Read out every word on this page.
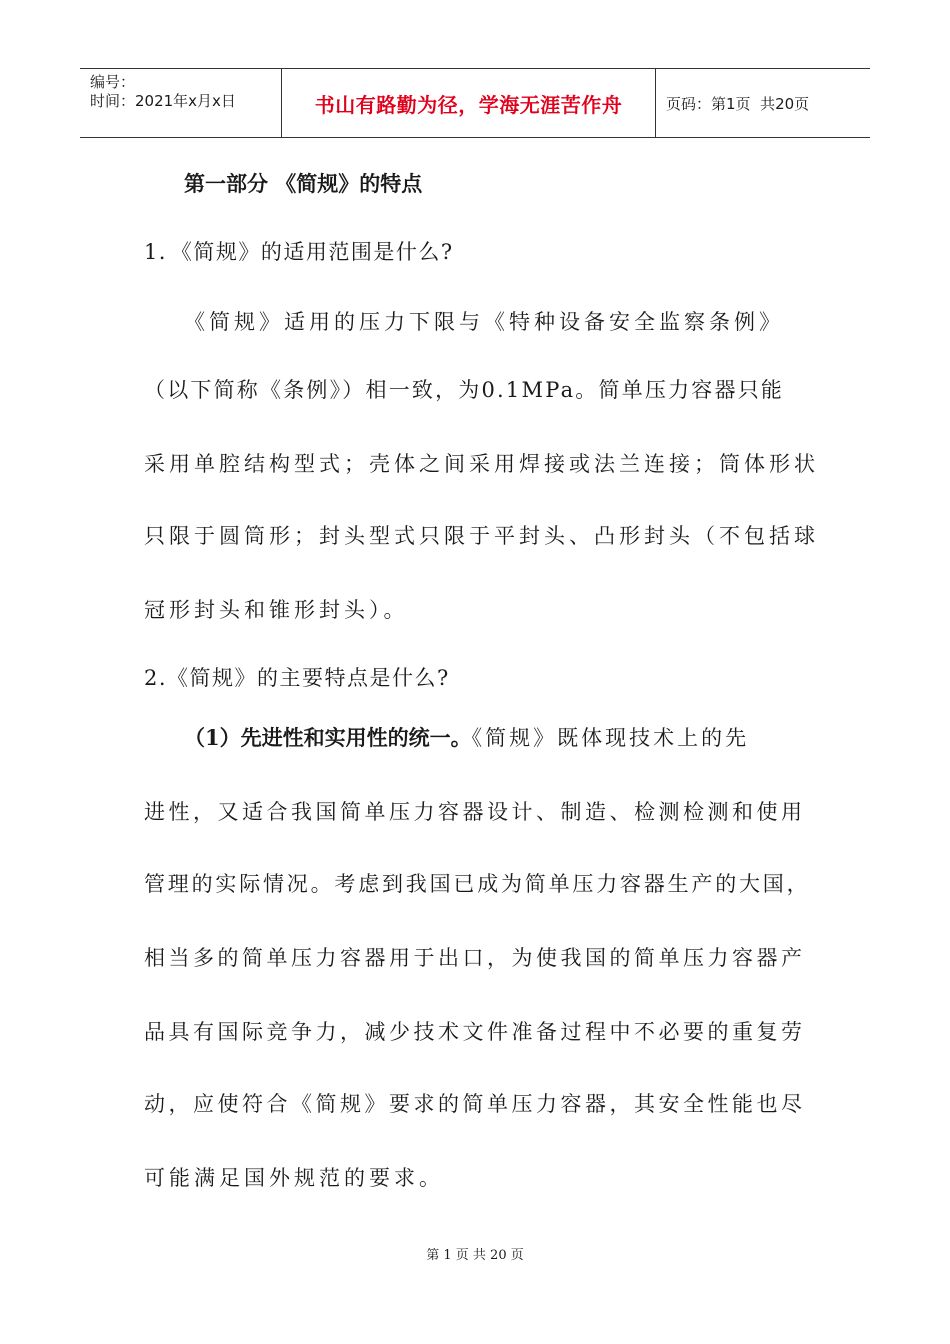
编号：
时间：2021年x月x日	书山有路勤为径，学海无涯苦作舟	页码：第1页  共20页
第一部分 《简规》的特点
1．《简规》的适用范围是什么?
《简规》适用的压力下限与《特种设备安全监察条例》
（以下简称《条例》）相一致，为0.1MPa。简单压力容器只能
采用单腔结构型式；壳体之间采用焊接或法兰连接；筒体形状
只限于圆筒形；封头型式只限于平封头、凸形封头（不包括球
冠形封头和锥形封头）。
2.《简规》的主要特点是什么?
（1）先进性和实用性的统一。《简规》既体现技术上的先
进性，又适合我国简单压力容器设计、制造、检测检测和使用
管理的实际情况。考虑到我国已成为简单压力容器生产的大国，
相当多的简单压力容器用于出口，为使我国的简单压力容器产
品具有国际竞争力，减少技术文件准备过程中不必要的重复劳
动，应使符合《简规》要求的简单压力容器，其安全性能也尽
可能满足国外规范的要求。
第 1 页 共 20 页
